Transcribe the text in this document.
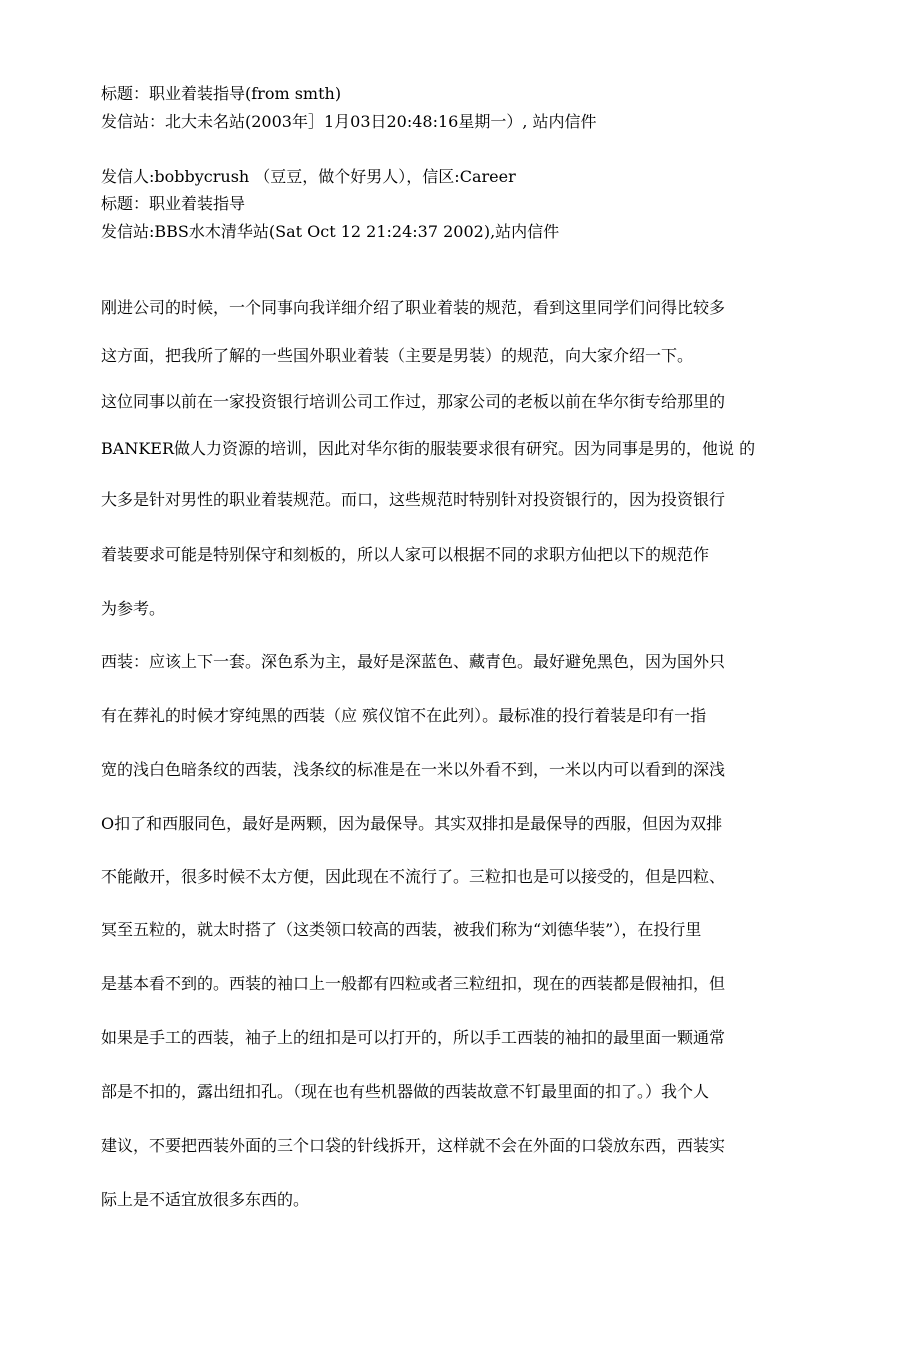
标题：职业着装指导(from smth)

发信站：北大未名站(2003年］1月03日20:48:16星期一）, 站内信件

发信人:bobbycrush （豆豆，做个好男人），信区:Career

标题：职业着装指导

发信站:BBS水木清华站(Sat Oct 12 21:24:37 2002),站内信件

刚进公司的时候，一个同事向我详细介绍了职业着装的规范，看到这里同学们问得比较多

这方面，把我所了解的一些国外职业着装（主要是男装）的规范，向大家介绍一下。

这位同事以前在一家投资银行培训公司工作过，那家公司的老板以前在华尔街专给那里的

BANKER做人力资源的培训，因此对华尔街的服装要求很有研究。因为同事是男的，他说 的

大多是针对男性的职业着装规范。而口，这些规范时特别针对投资银行的，因为投资银行

着装要求可能是特别保守和刻板的，所以人家可以根据不同的求职方仙把以下的规范作

为参考。

西装：应该上下一套。深色系为主，最好是深蓝色、藏青色。最好避免黑色，因为国外只

有在葬礼的时候才穿纯黑的西装（应 殡仪馆不在此列）。最标准的投行着装是印有一指

宽的浅白色暗条纹的西装，浅条纹的标准是在一米以外看不到，一米以内可以看到的深浅

O扣了和西服同色，最好是两颗，因为最保导。其实双排扣是最保导的西服，但因为双排

不能敞开，很多时候不太方便，因此现在不流行了。三粒扣也是可以接受的，但是四粒、

冥至五粒的，就太时搭了（这类领口较高的西装，被我们称为“刘德华装”），在投行里

是基本看不到的。西装的袖口上一般都有四粒或者三粒纽扣，现在的西装都是假袖扣，但

如果是手工的西装，袖子上的纽扣是可以打开的，所以手工西装的袖扣的最里面一颗通常

部是不扣的，露出纽扣孔。（现在也有些机器做的西装故意不钉最里面的扣了。）我个人

建议，不要把西装外面的三个口袋的针线拆开，这样就不会在外面的口袋放东西，西装实

际上是不适宜放很多东西的。
